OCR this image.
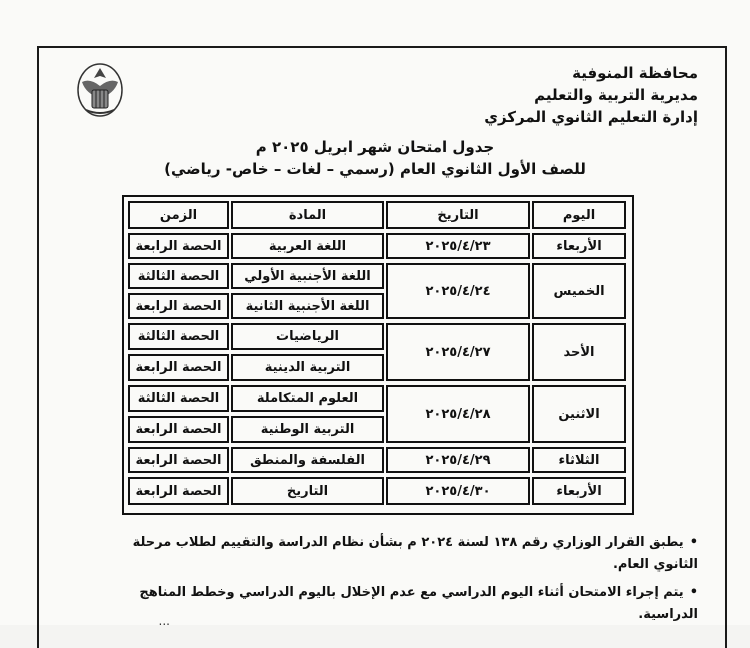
محافظة المنوفية
مديرية التربية والتعليم
إدارة التعليم الثانوي المركزي
جدول امتحان شهر ابريل ٢٠٢٥ م
للصف الأول الثانوي العام (رسمي – لغات – خاص- رياضي)
اليوم
التاريخ
المادة
الزمن
الأربعاء
٢٠٢٥/٤/٢٣
اللغة العربية
الحصة الرابعة
الخميس
٢٠٢٥/٤/٢٤
اللغة الأجنبية الأولي
اللغة الأجنبية الثانية
الحصة الثالثة
الحصة الرابعة
الأحد
٢٠٢٥/٤/٢٧
الرياضيات
التربية الدينية
الحصة الثالثة
الحصة الرابعة
الاثنين
٢٠٢٥/٤/٢٨
العلوم المتكاملة
التربية الوطنية
الحصة الثالثة
الحصة الرابعة
الثلاثاء
٢٠٢٥/٤/٢٩
الفلسفة والمنطق
الحصة الرابعة
الأربعاء
٢٠٢٥/٤/٣٠
التاريخ
الحصة الرابعة
•يطبق القرار الوزاري رقم ١٣٨ لسنة ٢٠٢٤ م بشأن نظام الدراسة والتقييم لطلاب مرحلة الثانوي العام.
•يتم إجراء الامتحان أثناء اليوم الدراسي مع عدم الإخلال باليوم الدراسي وخطط المناهج الدراسية.
...
